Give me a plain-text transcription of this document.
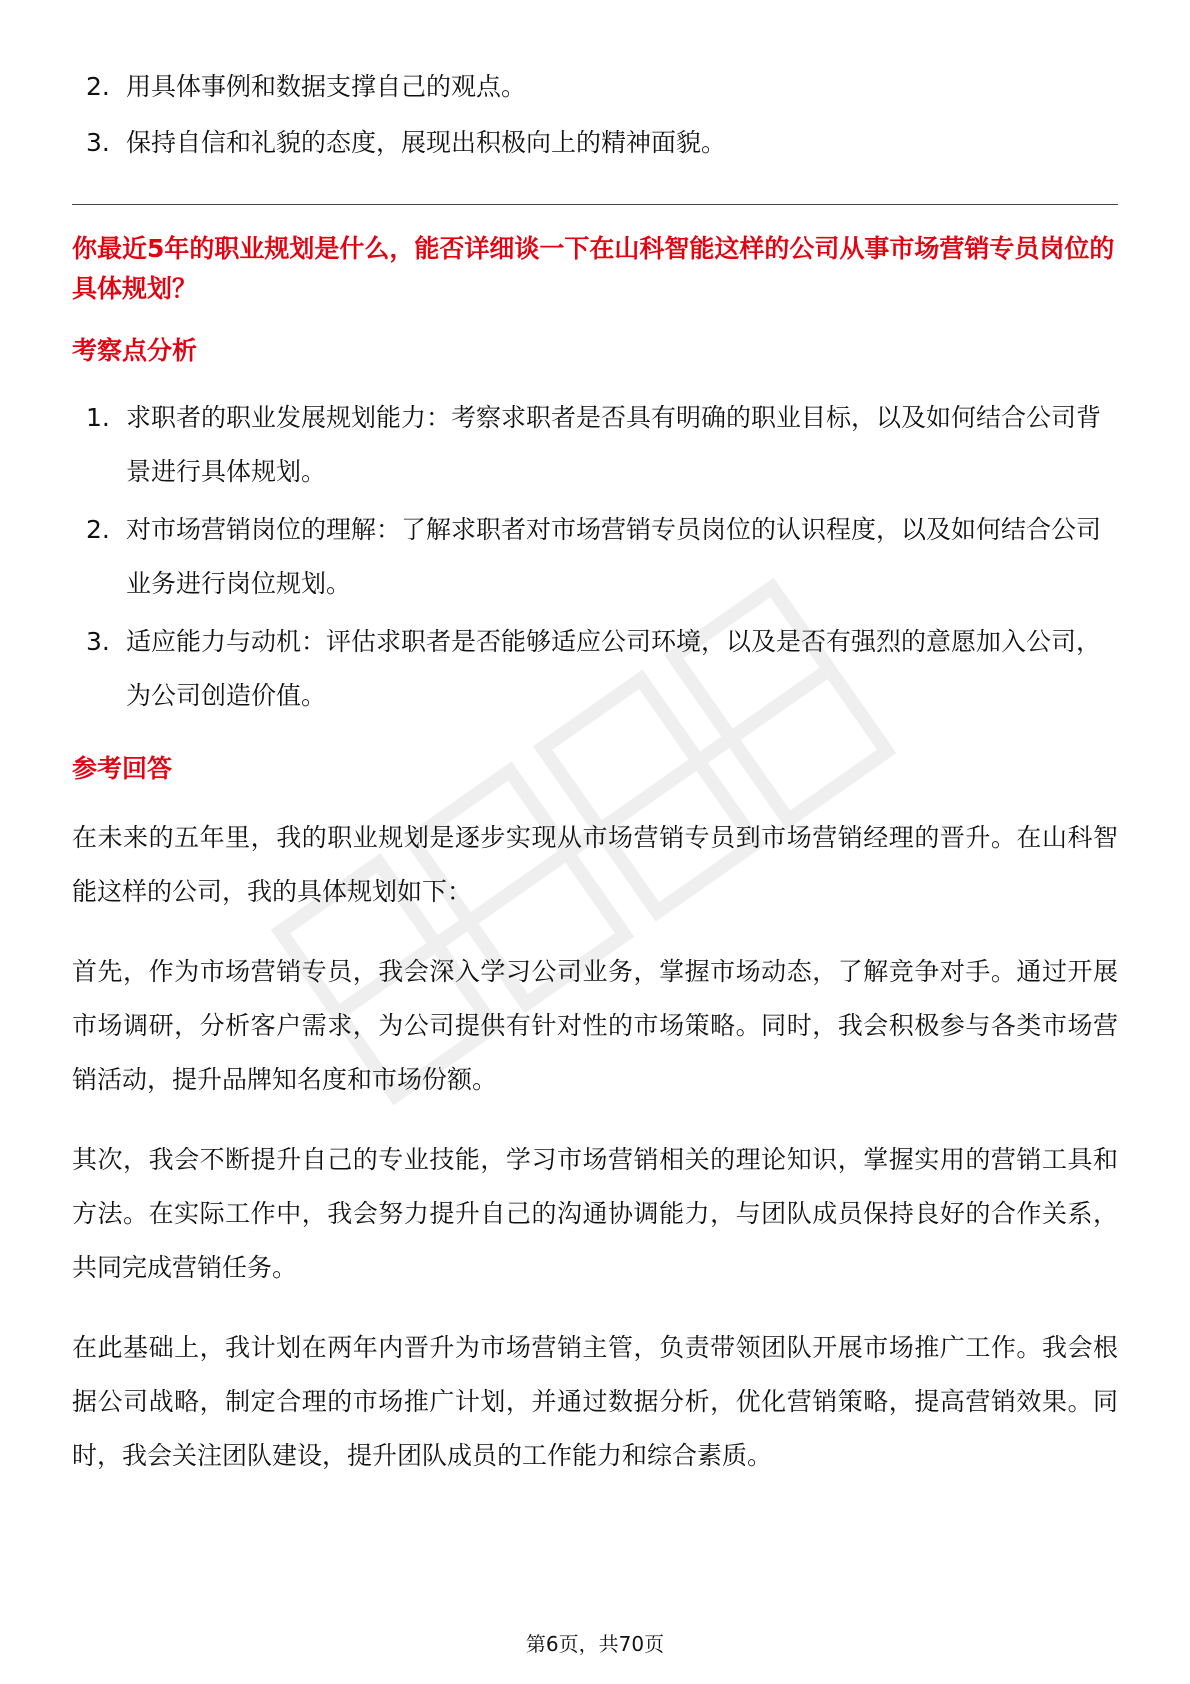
2. 用具体事例和数据支撑自己的观点。
3. 保持自信和礼貌的态度，展现出积极向上的精神面貌。
你最近5年的职业规划是什么，能否详细谈一下在山科智能这样的公司从事市场营销专员岗位的具体规划？
考察点分析
1. 求职者的职业发展规划能力：考察求职者是否具有明确的职业目标，以及如何结合公司背景进行具体规划。
2. 对市场营销岗位的理解：了解求职者对市场营销专员岗位的认识程度，以及如何结合公司业务进行岗位规划。
3. 适应能力与动机：评估求职者是否能够适应公司环境，以及是否有强烈的意愿加入公司，为公司创造价值。
参考回答

在未来的五年里，我的职业规划是逐步实现从市场营销专员到市场营销经理的晋升。在山科智能这样的公司，我的具体规划如下：

首先，作为市场营销专员，我会深入学习公司业务，掌握市场动态，了解竞争对手。通过开展市场调研，分析客户需求，为公司提供有针对性的市场策略。同时，我会积极参与各类市场营销活动，提升品牌知名度和市场份额。

其次，我会不断提升自己的专业技能，学习市场营销相关的理论知识，掌握实用的营销工具和方法。在实际工作中，我会努力提升自己的沟通协调能力，与团队成员保持良好的合作关系，共同完成营销任务。

在此基础上，我计划在两年内晋升为市场营销主管，负责带领团队开展市场推广工作。我会根据公司战略，制定合理的市场推广计划，并通过数据分析，优化营销策略，提高营销效果。同时，我会关注团队建设，提升团队成员的工作能力和综合素质。

第6页，共70页
